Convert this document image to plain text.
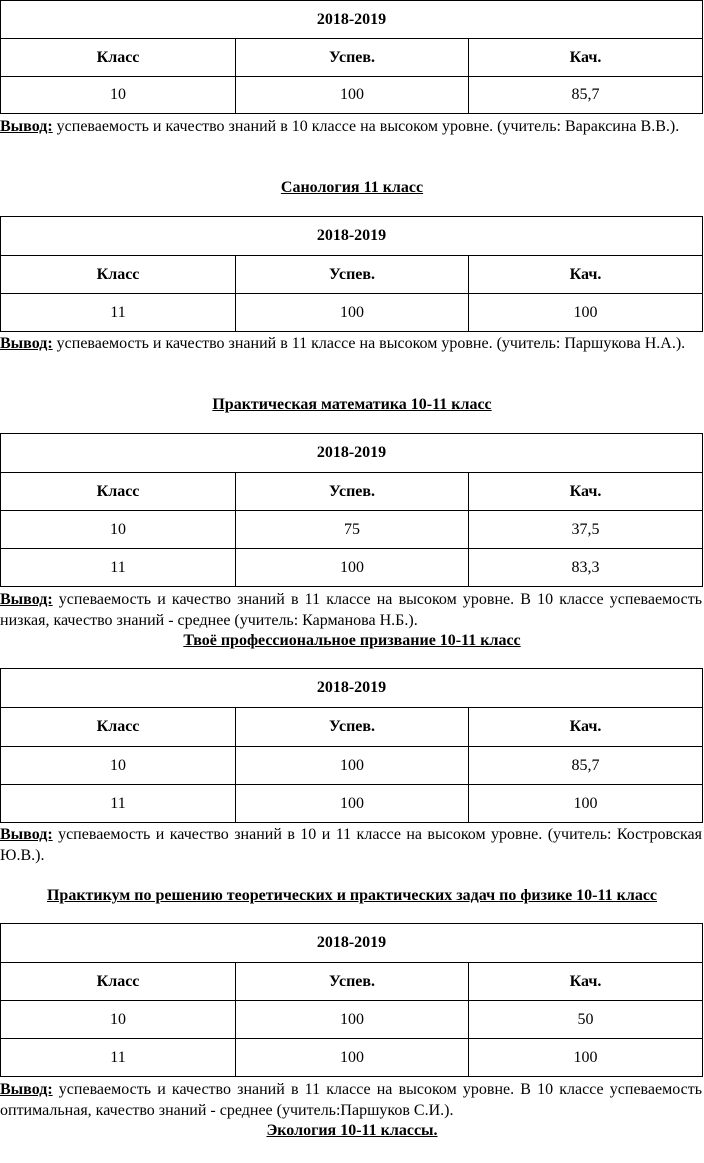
2018-2019		
Класс	Успев.	Кач.
10	100	85,7

Вывод: успеваемость и качество знаний в 10 классе на высоком уровне. (учитель: Вараксина В.В.).

Санология 11 класс

2018-2019		
Класс	Успев.	Кач.
11	100	100

Вывод: успеваемость и качество знаний в 11 классе на высоком уровне. (учитель: Паршукова Н.А.).

Практическая математика 10-11 класс

2018-2019		
Класс	Успев.	Кач.
10	75	37,5
11	100	83,3

Вывод: успеваемость и качество знаний в 11 классе на высоком уровне. В 10 классе успеваемость низкая, качество знаний - среднее (учитель: Карманова Н.Б.).

Твоё профессиональное призвание 10-11 класс

2018-2019		
Класс	Успев.	Кач.
10	100	85,7
11	100	100

Вывод: успеваемость и качество знаний в 10 и 11 классе на высоком уровне. (учитель: Костровская Ю.В.).

Практикум по решению теоретических и практических задач по физике 10-11 класс

2018-2019		
Класс	Успев.	Кач.
10	100	50
11	100	100

Вывод: успеваемость и качество знаний в 11 классе на высоком уровне. В 10 классе успеваемость оптимальная, качество знаний - среднее (учитель:Паршуков С.И.).

Экология 10-11 классы.
